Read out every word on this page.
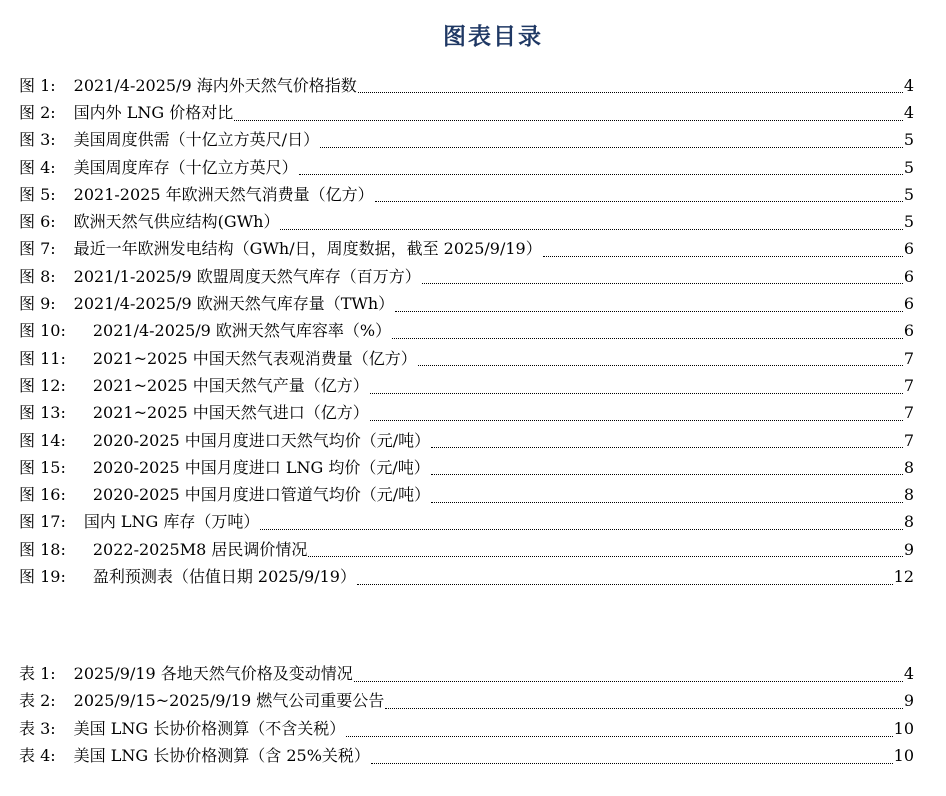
图表目录
图 1:	2021/4-2025/9 海内外天然气价格指数	4
图 2:	国内外 LNG 价格对比	4
图 3:	美国周度供需（十亿立方英尺/日）	5
图 4:	美国周度库存（十亿立方英尺）	5
图 5:	2021-2025 年欧洲天然气消费量（亿方）	5
图 6:	欧洲天然气供应结构(GWh）	5
图 7:	最近一年欧洲发电结构（GWh/日，周度数据，截至 2025/9/19）	6
图 8:	2021/1-2025/9 欧盟周度天然气库存（百万方）	6
图 9:	2021/4-2025/9 欧洲天然气库存量（TWh）	6
图 10:	2021/4-2025/9 欧洲天然气库容率（%）	6
图 11:	2021~2025 中国天然气表观消费量（亿方）	7
图 12:	2021~2025 中国天然气产量（亿方）	7
图 13:	2021~2025 中国天然气进口（亿方）	7
图 14:	2020-2025 中国月度进口天然气均价（元/吨）	7
图 15:	2020-2025 中国月度进口 LNG 均价（元/吨）	8
图 16:	2020-2025 中国月度进口管道气均价（元/吨）	8
图 17:	国内 LNG 库存（万吨）	8
图 18:	2022-2025M8 居民调价情况	9
图 19:	盈利预测表（估值日期 2025/9/19）	12
表 1:	2025/9/19 各地天然气价格及变动情况	4
表 2:	2025/9/15~2025/9/19 燃气公司重要公告	9
表 3:	美国 LNG 长协价格测算（不含关税）	10
表 4:	美国 LNG 长协价格测算（含 25%关税）	10
